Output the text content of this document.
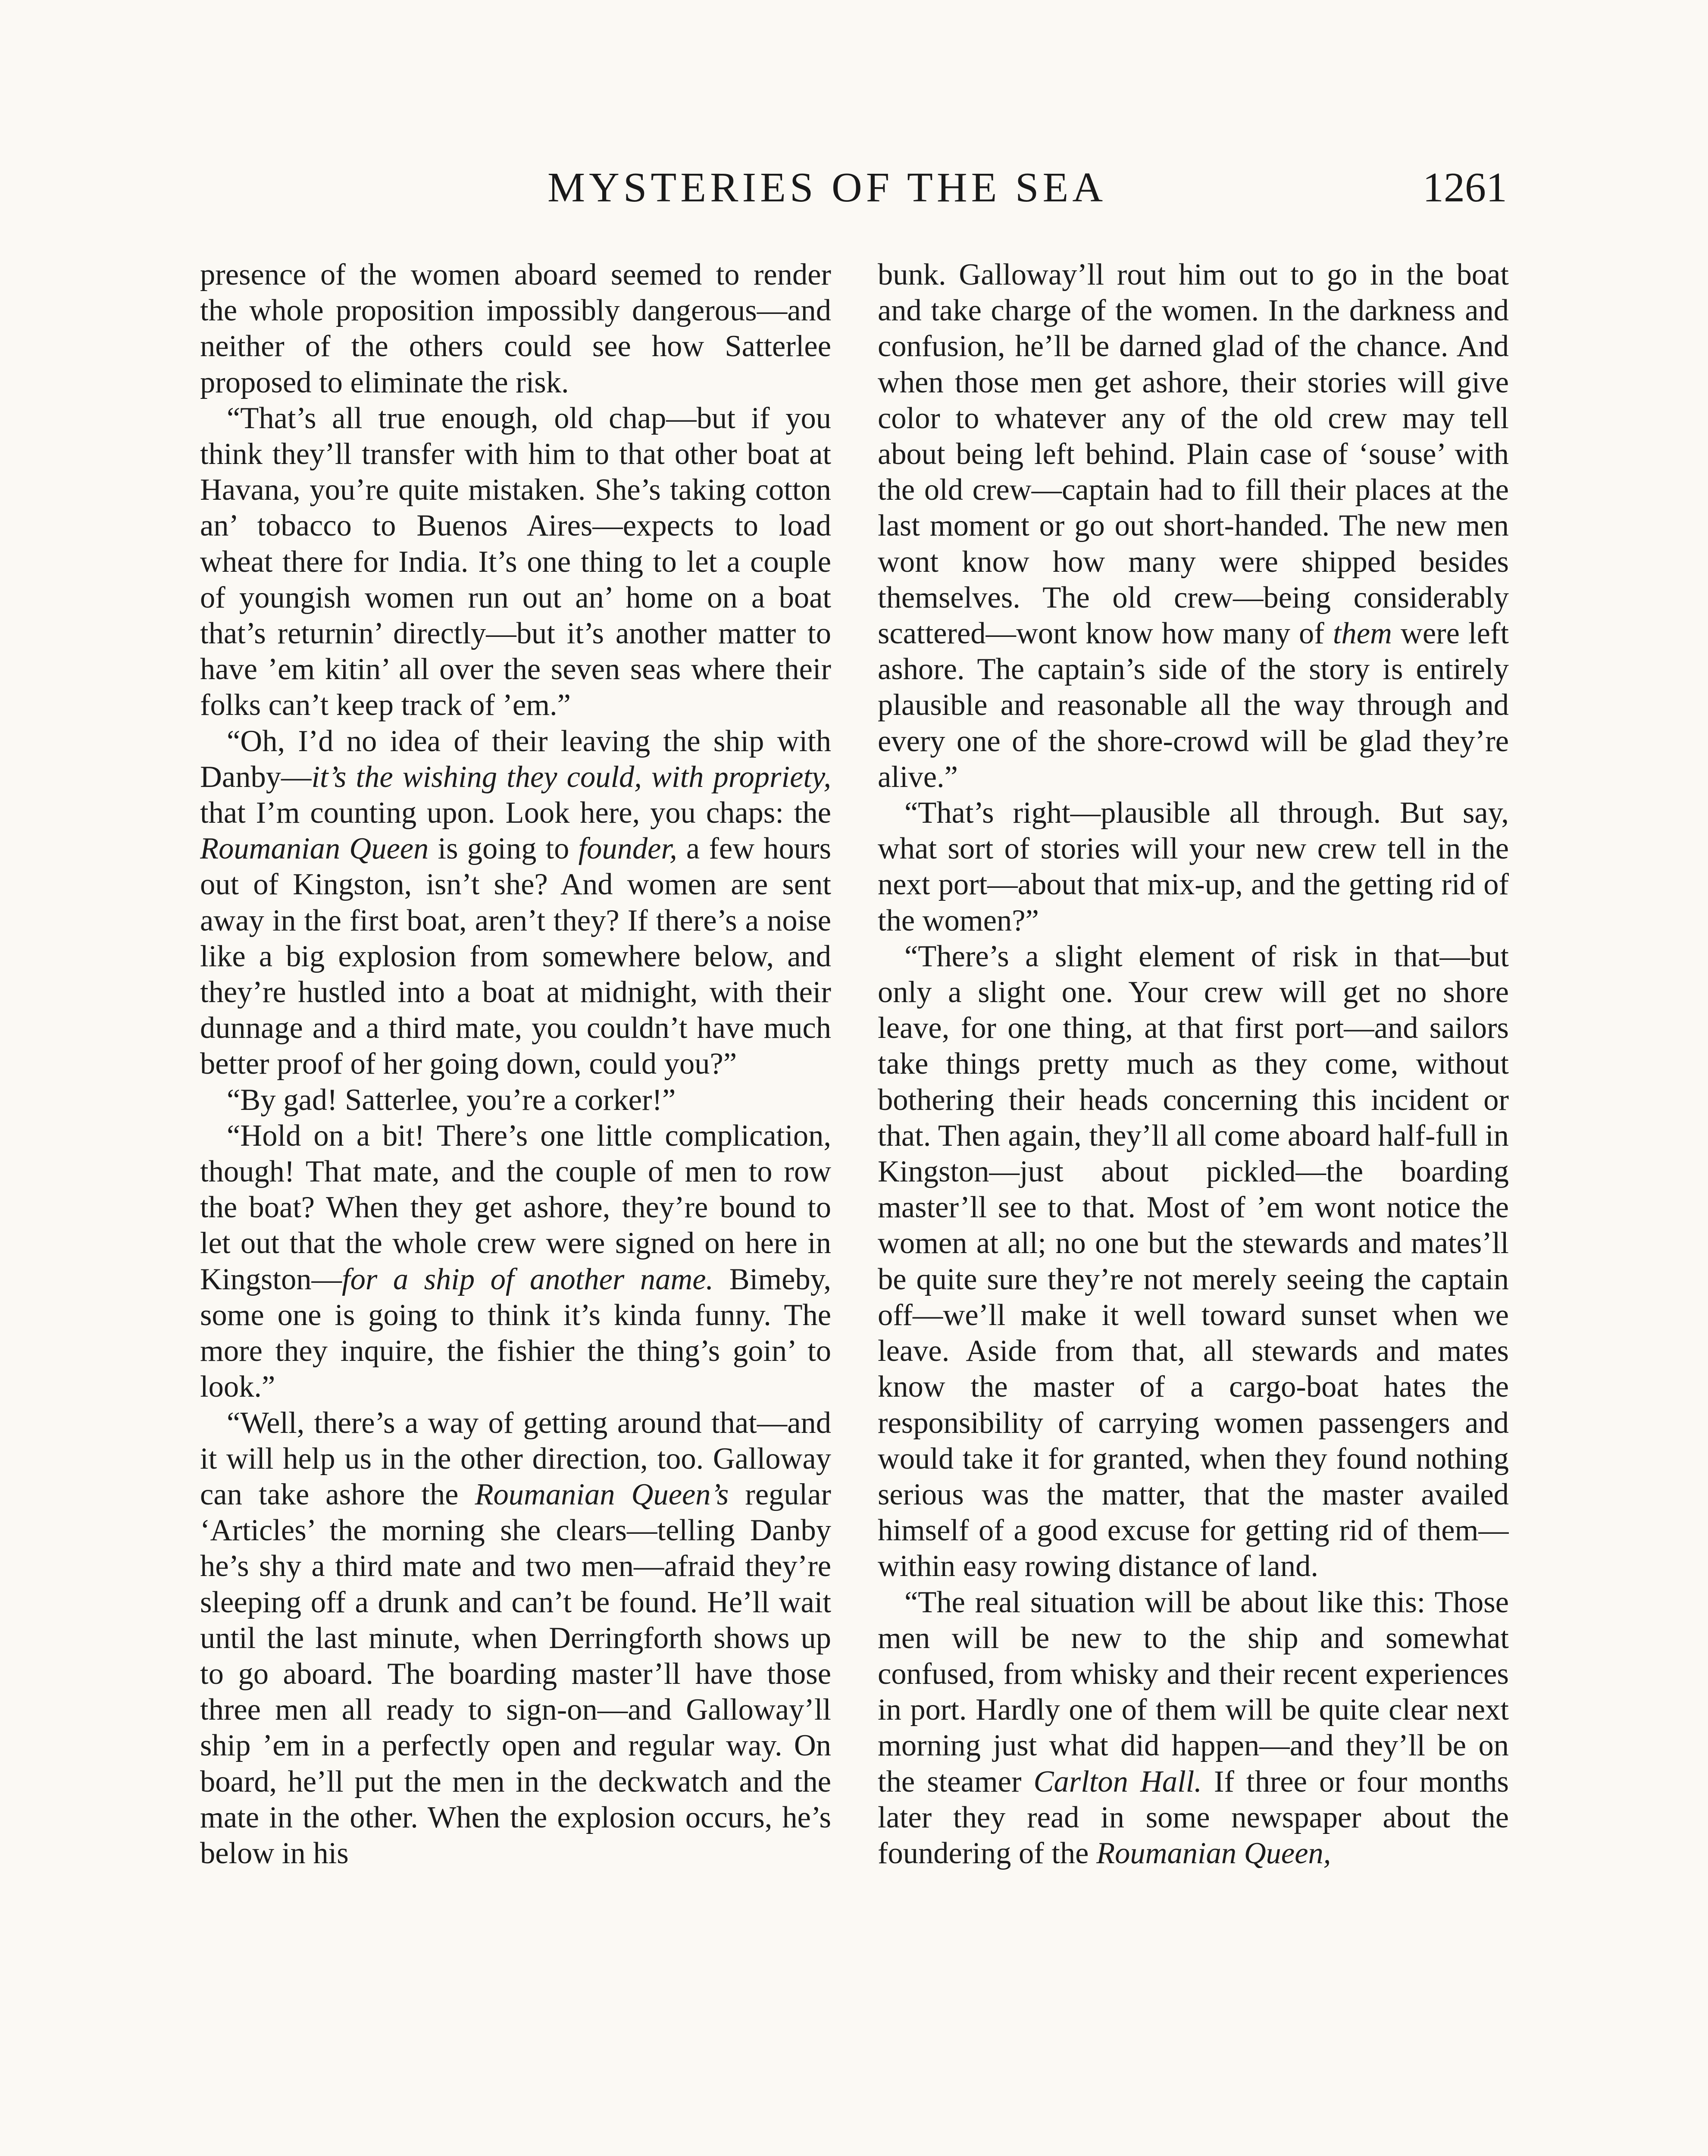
MYSTERIES OF THE SEA	1261

presence of the women aboard seemed to render the whole proposition impossibly dangerous—and neither of the others could see how Satterlee proposed to eliminate the risk.

“That’s all true enough, old chap—but if you think they’ll transfer with him to that other boat at Havana, you’re quite mistaken. She’s taking cotton an’ tobacco to Buenos Aires—expects to load wheat there for India. It’s one thing to let a couple of youngish women run out an’ home on a boat that’s returnin’ directly—but it’s another matter to have ’em kitin’ all over the seven seas where their folks can’t keep track of ’em.”

“Oh, I’d no idea of their leaving the ship with Danby—it’s the wishing they could, with propriety, that I’m counting upon. Look here, you chaps: the Roumanian Queen is going to founder, a few hours out of Kingston, isn’t she? And women are sent away in the first boat, aren’t they? If there’s a noise like a big explosion from somewhere below, and they’re hustled into a boat at midnight, with their dunnage and a third mate, you couldn’t have much better proof of her going down, could you?”

“By gad! Satterlee, you’re a corker!”

“Hold on a bit! There’s one little complication, though! That mate, and the couple of men to row the boat? When they get ashore, they’re bound to let out that the whole crew were signed on here in Kingston—for a ship of another name. Bimeby, some one is going to think it’s kinda funny. The more they inquire, the fishier the thing’s goin’ to look.”

“Well, there’s a way of getting around that—and it will help us in the other direction, too. Galloway can take ashore the Roumanian Queen’s regular ‘Articles’ the morning she clears—telling Danby he’s shy a third mate and two men—afraid they’re sleeping off a drunk and can’t be found. He’ll wait until the last minute, when Derringforth shows up to go aboard. The boarding master’ll have those three men all ready to sign-on—and Galloway’ll ship ’em in a perfectly open and regular way. On board, he’ll put the men in the deckwatch and the mate in the other. When the explosion occurs, he’s below in his

bunk. Galloway’ll rout him out to go in the boat and take charge of the women. In the darkness and confusion, he’ll be darned glad of the chance. And when those men get ashore, their stories will give color to whatever any of the old crew may tell about being left behind. Plain case of ‘souse’ with the old crew—captain had to fill their places at the last moment or go out short-handed. The new men wont know how many were shipped besides themselves. The old crew—being considerably scattered—wont know how many of them were left ashore. The captain’s side of the story is entirely plausible and reasonable all the way through and every one of the shore-crowd will be glad they’re alive.”

“That’s right—plausible all through. But say, what sort of stories will your new crew tell in the next port—about that mix-up, and the getting rid of the women?”

“There’s a slight element of risk in that—but only a slight one. Your crew will get no shore leave, for one thing, at that first port—and sailors take things pretty much as they come, without bothering their heads concerning this incident or that. Then again, they’ll all come aboard half-full in Kingston—just about pickled—the boarding master’ll see to that. Most of ’em wont notice the women at all; no one but the stewards and mates’ll be quite sure they’re not merely seeing the captain off—we’ll make it well toward sunset when we leave. Aside from that, all stewards and mates know the master of a cargo-boat hates the responsibility of carrying women passengers and would take it for granted, when they found nothing serious was the matter, that the master availed himself of a good excuse for getting rid of them—within easy rowing distance of land.

“The real situation will be about like this: Those men will be new to the ship and somewhat confused, from whisky and their recent experiences in port. Hardly one of them will be quite clear next morning just what did happen—and they’ll be on the steamer Carlton Hall. If three or four months later they read in some newspaper about the foundering of the Roumanian Queen,
